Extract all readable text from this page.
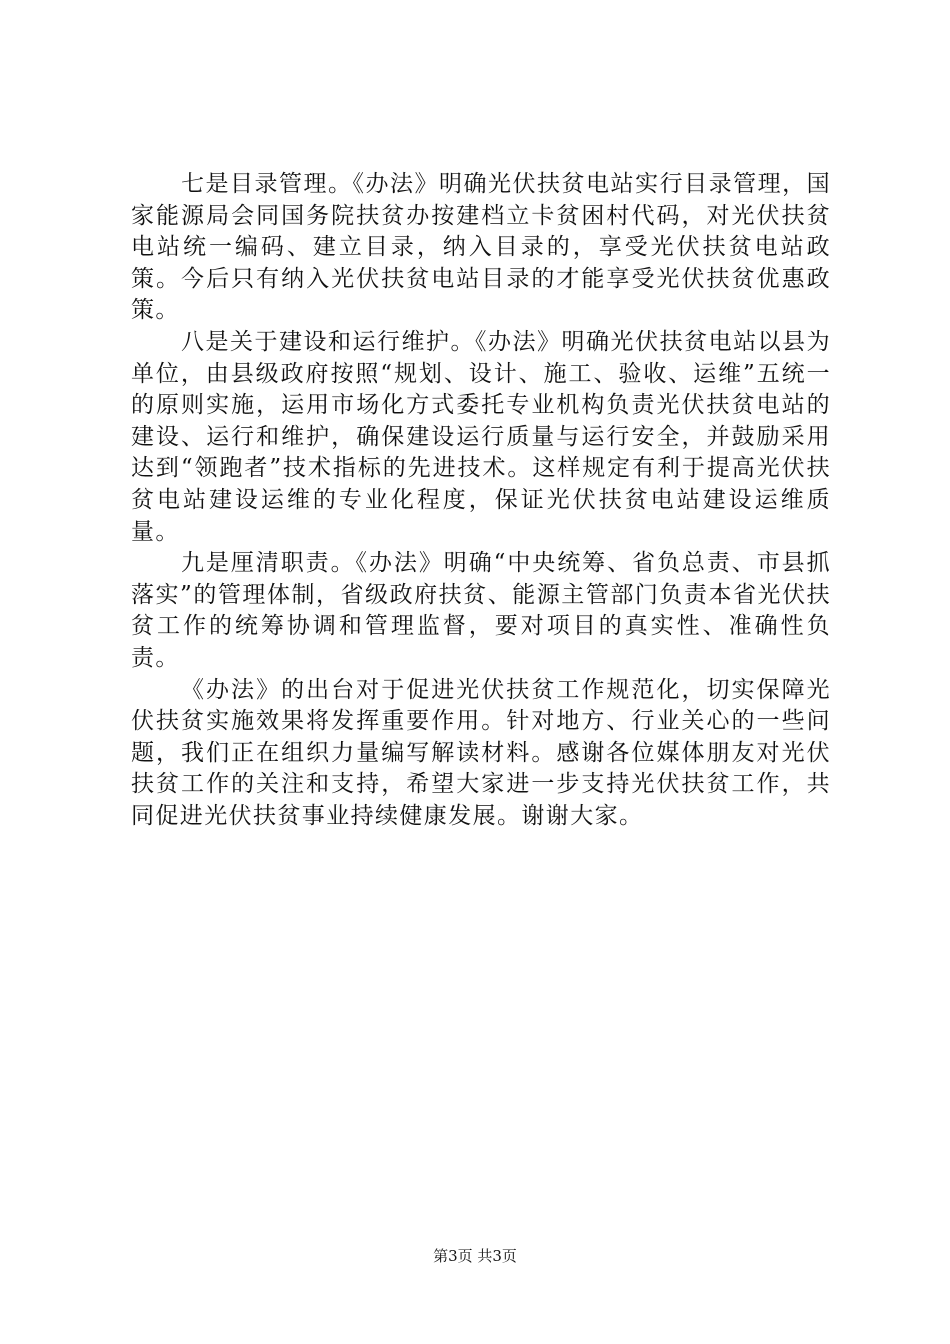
七是目录管理。《办法》明确光伏扶贫电站实行目录管理，国家能源局会同国务院扶贫办按建档立卡贫困村代码，对光伏扶贫电站统一编码、建立目录，纳入目录的，享受光伏扶贫电站政策。今后只有纳入光伏扶贫电站目录的才能享受光伏扶贫优惠政策。

八是关于建设和运行维护。《办法》明确光伏扶贫电站以县为单位，由县级政府按照“规划、设计、施工、验收、运维”五统一的原则实施，运用市场化方式委托专业机构负责光伏扶贫电站的建设、运行和维护，确保建设运行质量与运行安全，并鼓励采用达到“领跑者”技术指标的先进技术。这样规定有利于提高光伏扶贫电站建设运维的专业化程度，保证光伏扶贫电站建设运维质量。

九是厘清职责。《办法》明确“中央统筹、省负总责、市县抓落实”的管理体制，省级政府扶贫、能源主管部门负责本省光伏扶贫工作的统筹协调和管理监督，要对项目的真实性、准确性负责。

《办法》的出台对于促进光伏扶贫工作规范化，切实保障光伏扶贫实施效果将发挥重要作用。针对地方、行业关心的一些问题，我们正在组织力量编写解读材料。感谢各位媒体朋友对光伏扶贫工作的关注和支持，希望大家进一步支持光伏扶贫工作，共同促进光伏扶贫事业持续健康发展。谢谢大家。

第3页 共3页
